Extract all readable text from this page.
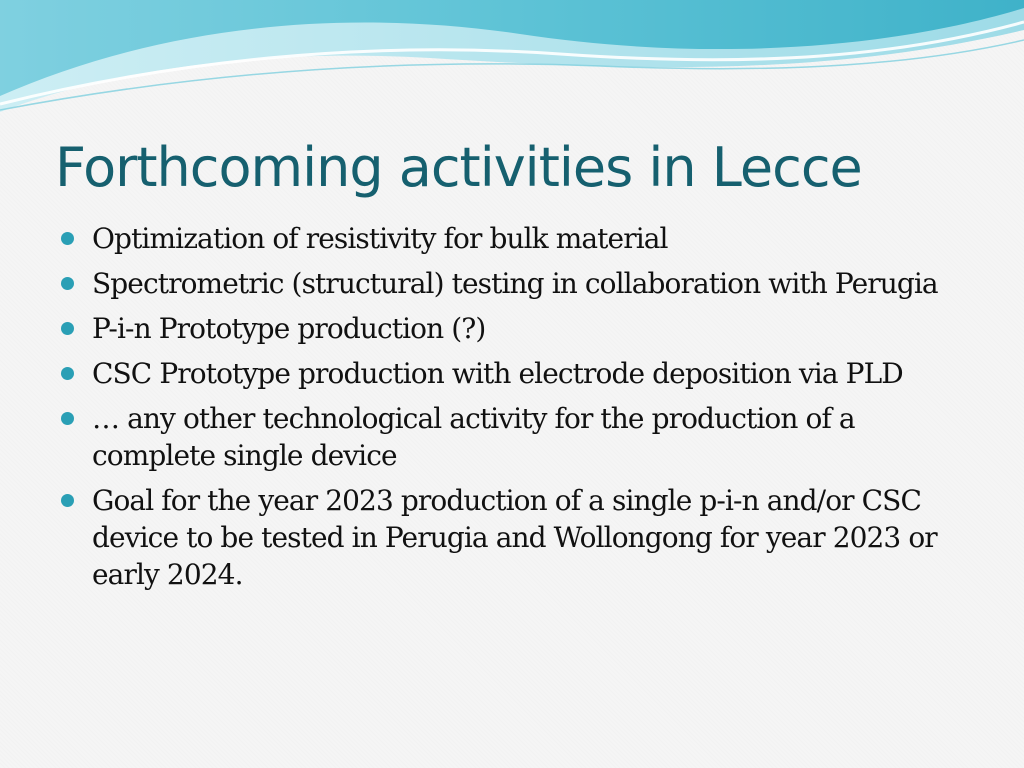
Forthcoming activities in Lecce
Optimization of resistivity for bulk material
Spectrometric (structural) testing in collaboration with Perugia
P-i-n Prototype production (?)
CSC Prototype production with electrode deposition via PLD
… any other technological activity for the production of a complete single device
Goal for the year 2023 production of a single p-i-n and/or CSC device to be tested in Perugia and Wollongong for year 2023 or early 2024.
